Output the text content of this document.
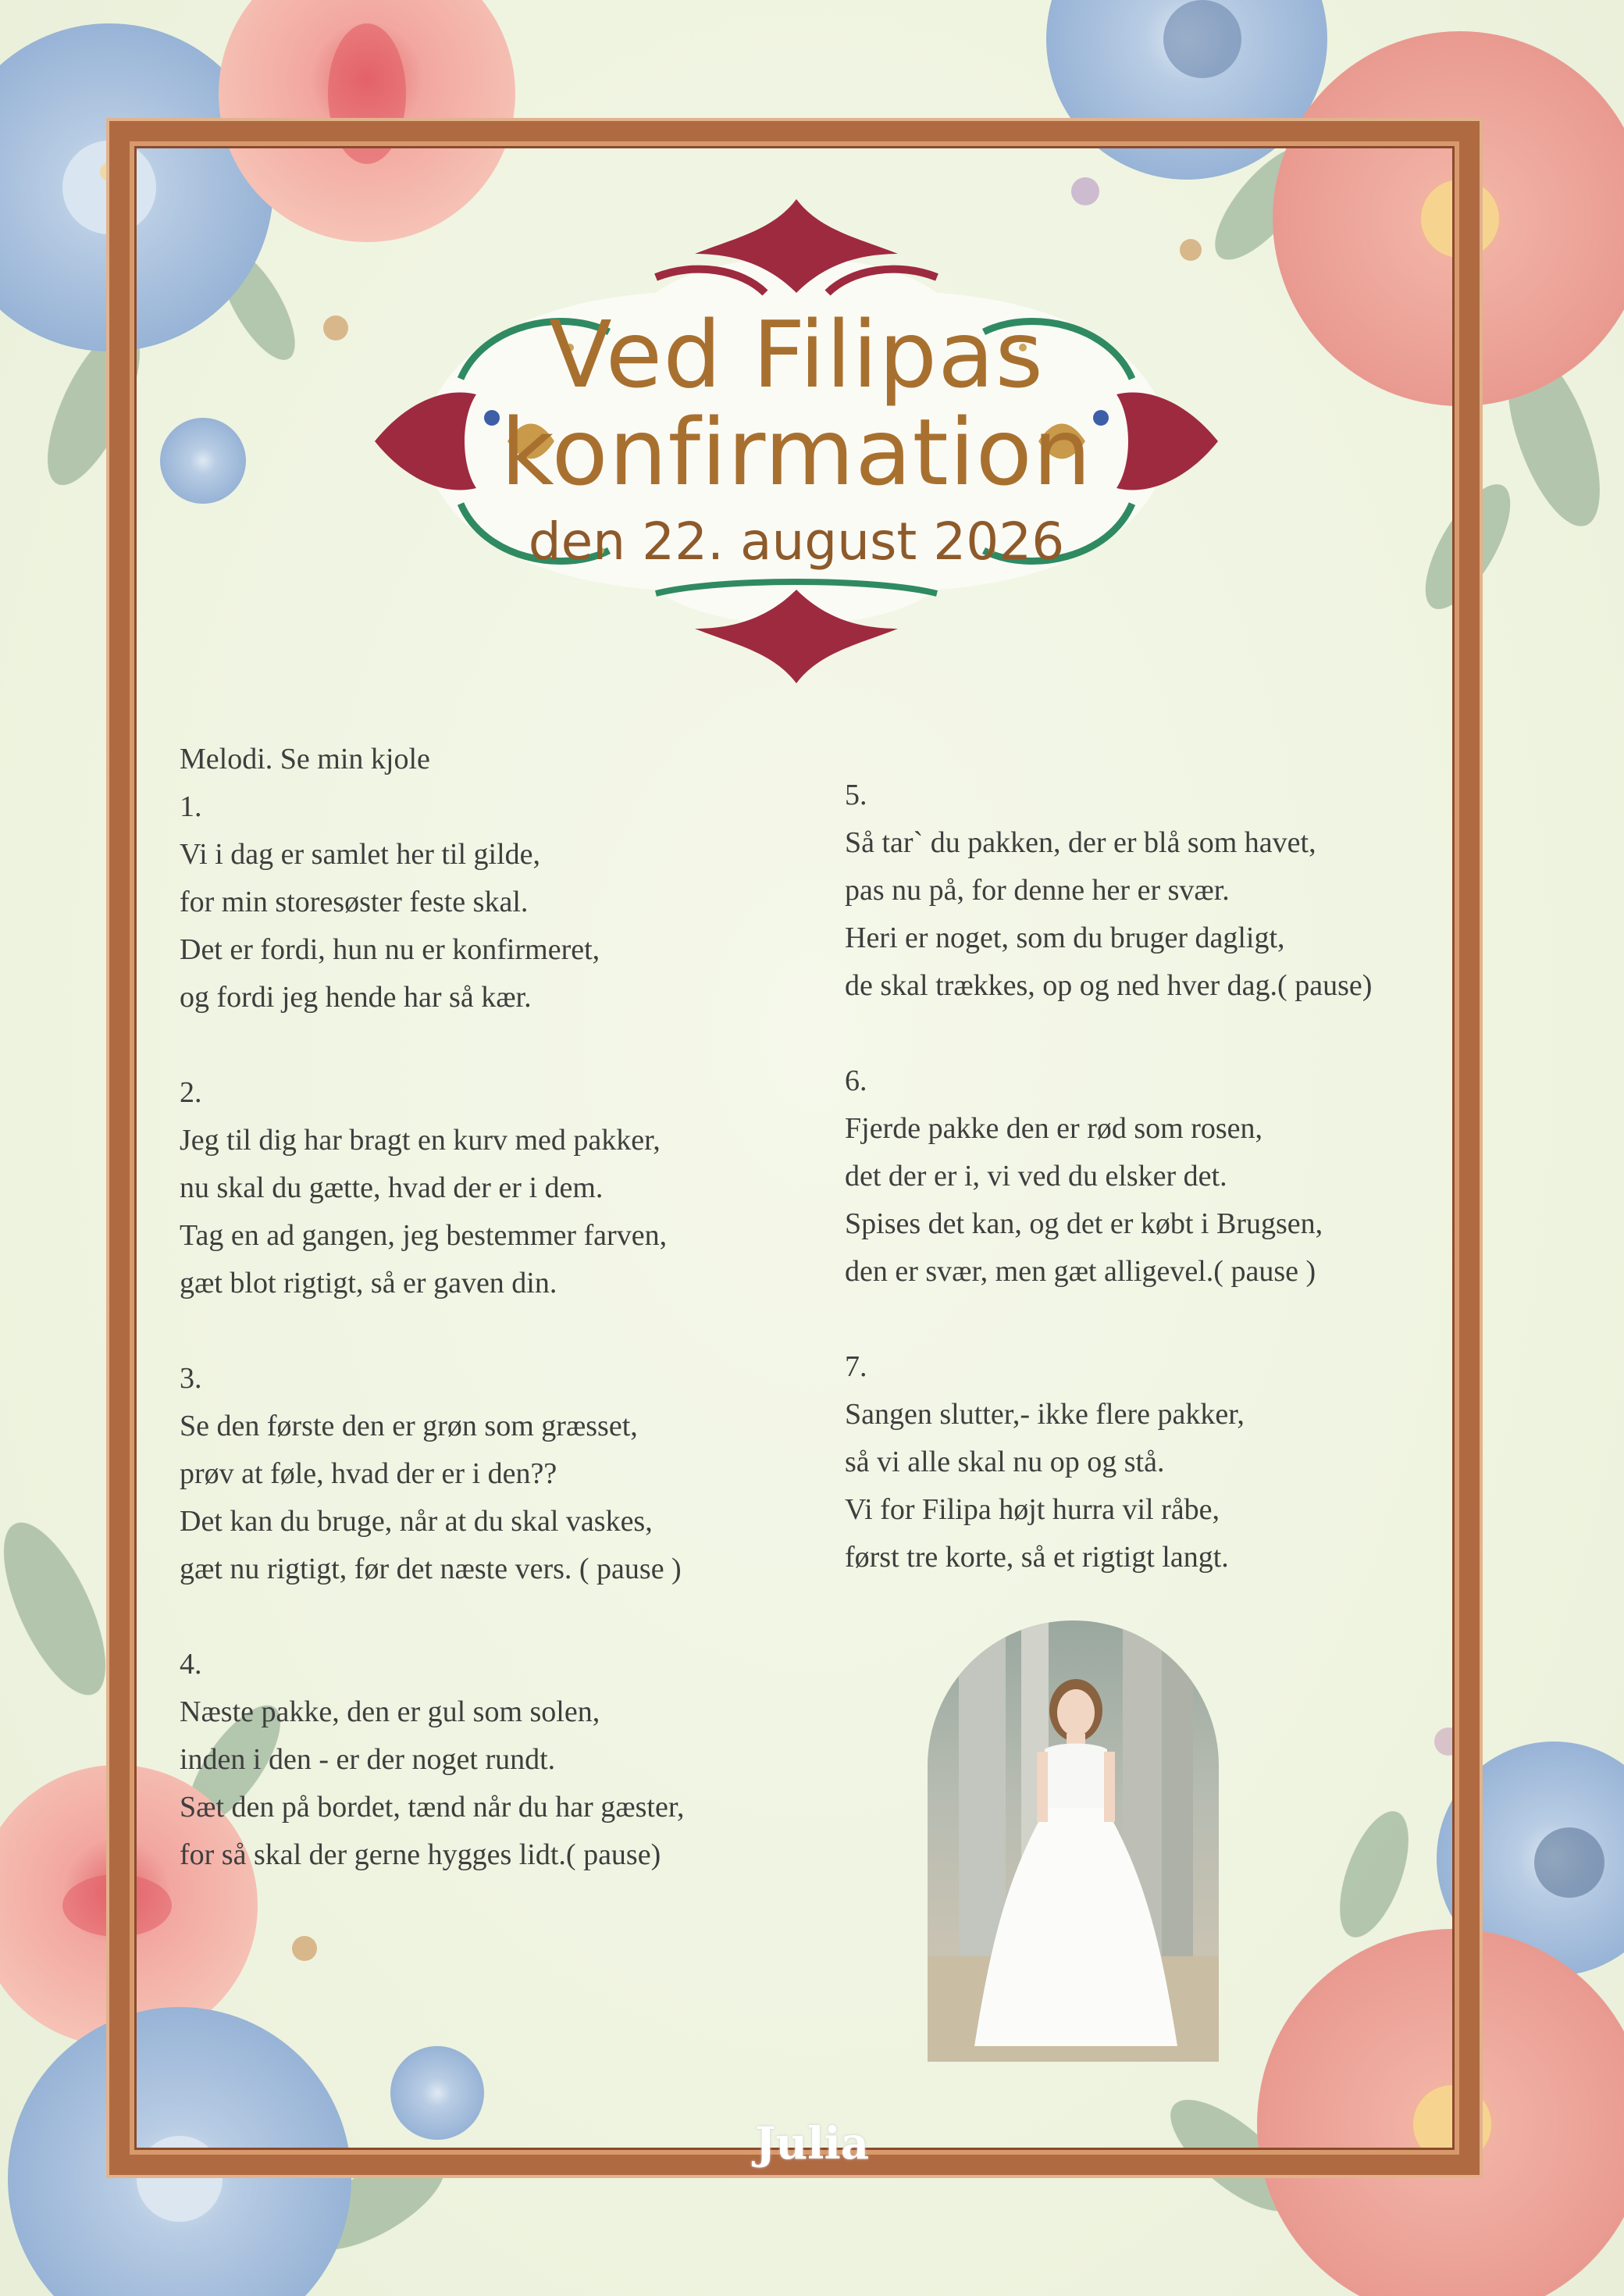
Ved Filipas
konfirmation
den 22. august 2026
Melodi. Se min kjole
1.
Vi i dag er samlet her til gilde,
for min storesøster feste skal.
Det er fordi, hun nu er konfirmeret,
og fordi jeg hende har så kær.
2.
Jeg til dig har bragt en kurv med pakker,
nu skal du gætte, hvad der er i dem.
Tag en ad gangen, jeg bestemmer farven,
gæt blot rigtigt, så er gaven din.
3.
Se den første den er grøn som græsset,
prøv at føle, hvad der er i den??
Det kan du bruge, når at du skal vaskes,
gæt nu rigtigt, før det næste vers. ( pause )
4.
Næste pakke, den er gul som solen,
inden i den - er der noget rundt.
Sæt den på bordet, tænd når du har gæster,
for så skal der gerne hygges lidt.( pause)
5.
Så tar` du pakken, der er blå som havet,
pas nu på, for denne her er svær.
Heri er noget, som du bruger dagligt,
de skal trækkes, op og ned hver dag.( pause)
6.
Fjerde pakke den er rød som rosen,
det der er i, vi ved du elsker det.
Spises det kan, og det er købt i Brugsen,
den er svær, men gæt alligevel.( pause )
7.
Sangen slutter,- ikke flere pakker,
så vi alle skal nu op og stå.
Vi for Filipa højt hurra vil råbe,
først tre korte, så et rigtigt langt.
Julia
